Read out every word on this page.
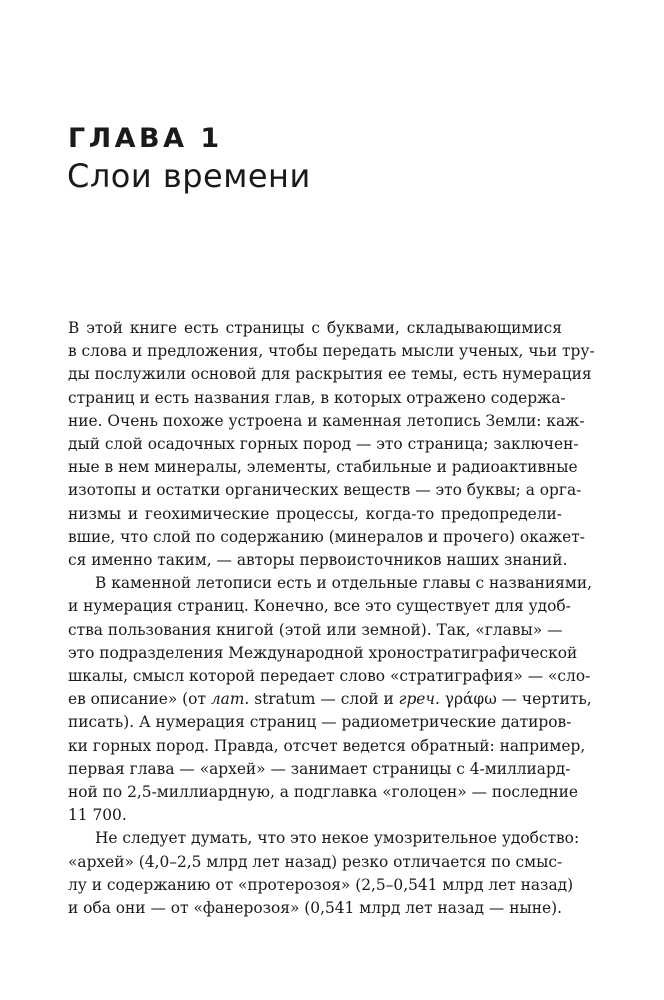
ГЛАВА 1
Слои времени

В этой книге есть страницы с буквами, складывающимися
в слова и предложения, чтобы передать мысли ученых, чьи тру-
ды послужили основой для раскрытия ее темы, есть нумерация
страниц и есть названия глав, в которых отражено содержа-
ние. Очень похоже устроена и каменная летопись Земли: каж-
дый слой осадочных горных пород — это страница; заключен-
ные в нем минералы, элементы, стабильные и радиоактивные
изотопы и остатки органических веществ — это буквы; а орга-
низмы и геохимические процессы, когда-то предопредели-
вшие, что слой по содержанию (минералов и прочего) окажет-
ся именно таким, — авторы первоисточников наших знаний.

В каменной летописи есть и отдельные главы с названиями,
и нумерация страниц. Конечно, все это существует для удоб-
ства пользования книгой (этой или земной). Так, «главы» —
это подразделения Международной хроностратиграфической
шкалы, смысл которой передает слово «стратиграфия» — «сло-
ев описание» (от лат. stratum — слой и греч. γράφω — чертить,
писать). А нумерация страниц — радиометрические датиров-
ки горных пород. Правда, отсчет ведется обратный: например,
первая глава — «архей» — занимает страницы с 4-миллиард-
ной по 2,5-миллиардную, а подглавка «голоцен» — последние
11 700.

Не следует думать, что это некое умозрительное удобство:
«архей» (4,0–2,5 млрд лет назад) резко отличается по смыс-
лу и содержанию от «протерозоя» (2,5–0,541 млрд лет назад)
и оба они — от «фанерозоя» (0,541 млрд лет назад — ныне).
